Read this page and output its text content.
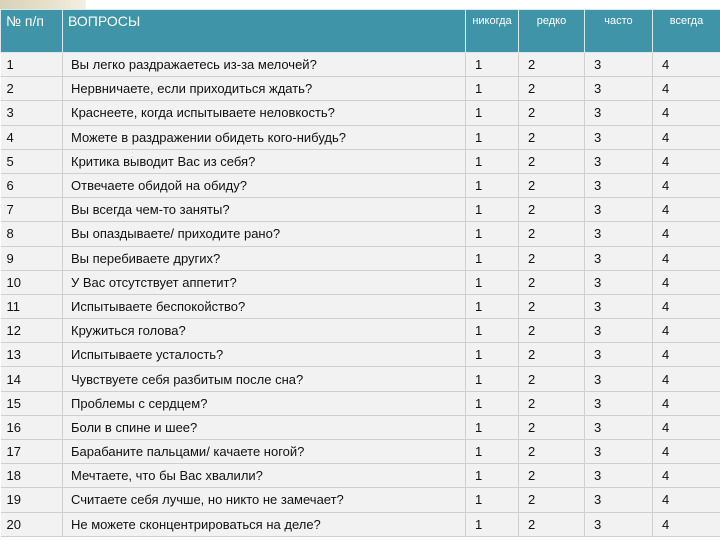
№ п/п	ВОПРОСЫ	никогда	редко	часто	всегда
1	Вы легко раздражаетесь из-за мелочей?	1	2	3	4
2	Нервничаете, если приходиться ждать?	1	2	3	4
3	Краснеете, когда испытываете неловкость?	1	2	3	4
4	Можете в раздражении обидеть кого-нибудь?	1	2	3	4
5	Критика выводит Вас из себя?	1	2	3	4
6	Отвечаете обидой на обиду?	1	2	3	4
7	Вы всегда чем-то заняты?	1	2	3	4
8	Вы опаздываете/ приходите рано?	1	2	3	4
9	Вы перебиваете других?	1	2	3	4
10	У Вас отсутствует аппетит?	1	2	3	4
11	Испытываете беспокойство?	1	2	3	4
12	Кружиться голова?	1	2	3	4
13	Испытываете усталость?	1	2	3	4
14	Чувствуете себя разбитым после сна?	1	2	3	4
15	Проблемы с сердцем?	1	2	3	4
16	Боли в спине и шее?	1	2	3	4
17	Барабаните пальцами/ качаете ногой?	1	2	3	4
18	Мечтаете, что бы Вас хвалили?	1	2	3	4
19	Считаете себя лучше, но никто не замечает?	1	2	3	4
20	Не можете сконцентрироваться на деле?	1	2	3	4
